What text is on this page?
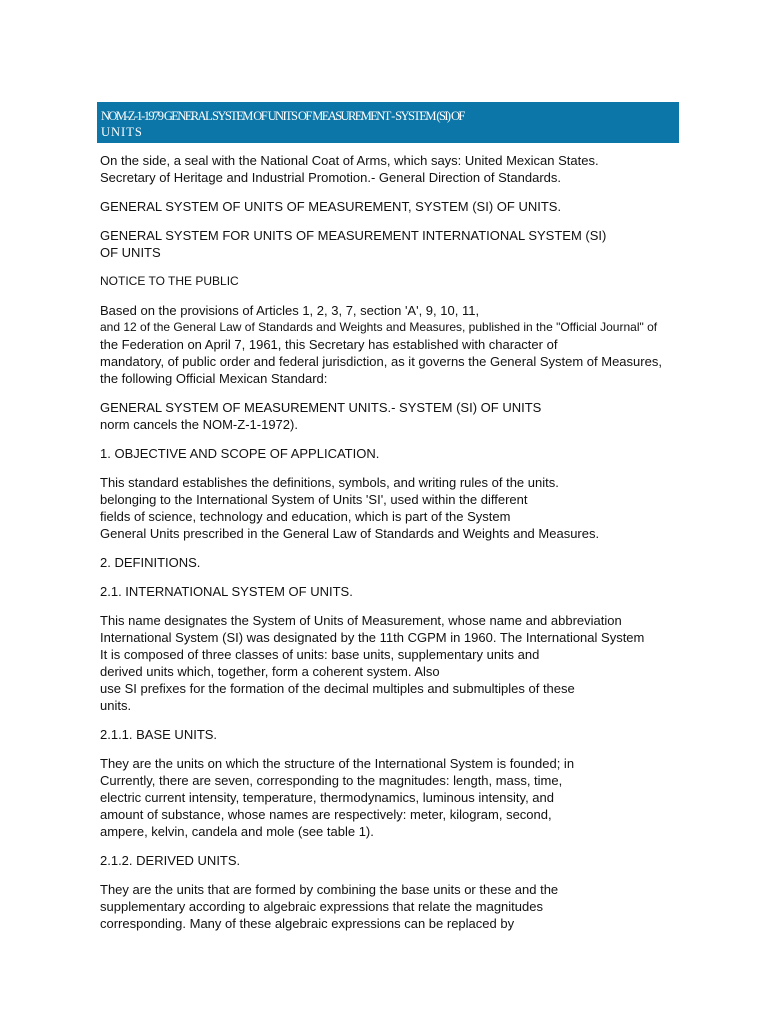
NOM-Z-1-1979 GENERAL SYSTEM OF UNITS OF MEASUREMENT - SYSTEM (SI) OF

UNITS

On the side, a seal with the National Coat of Arms, which says: United Mexican States.

Secretary of Heritage and Industrial Promotion.- General Direction of Standards.

GENERAL SYSTEM OF UNITS OF MEASUREMENT, SYSTEM (SI) OF UNITS.

GENERAL SYSTEM FOR UNITS OF MEASUREMENT INTERNATIONAL SYSTEM (SI)

OF UNITS

NOTICE TO THE PUBLIC

Based on the provisions of Articles 1, 2, 3, 7, section 'A', 9, 10, 11,

and 12 of the General Law of Standards and Weights and Measures, published in the "Official Journal" of

the Federation on April 7, 1961, this Secretary has established with character of

mandatory, of public order and federal jurisdiction, as it governs the General System of Measures,

the following Official Mexican Standard:

GENERAL SYSTEM OF MEASUREMENT UNITS.- SYSTEM (SI) OF UNITS

norm cancels the NOM-Z-1-1972).

1. OBJECTIVE AND SCOPE OF APPLICATION.

This standard establishes the definitions, symbols, and writing rules of the units.

belonging to the International System of Units 'SI', used within the different

fields of science, technology and education, which is part of the System

General Units prescribed in the General Law of Standards and Weights and Measures.

2. DEFINITIONS.

2.1. INTERNATIONAL SYSTEM OF UNITS.

This name designates the System of Units of Measurement, whose name and abbreviation

International System (SI) was designated by the 11th CGPM in 1960. The International System

It is composed of three classes of units: base units, supplementary units and

derived units which, together, form a coherent system. Also

use SI prefixes for the formation of the decimal multiples and submultiples of these

units.

2.1.1. BASE UNITS.

They are the units on which the structure of the International System is founded; in

Currently, there are seven, corresponding to the magnitudes: length, mass, time,

electric current intensity, temperature, thermodynamics, luminous intensity, and

amount of substance, whose names are respectively: meter, kilogram, second,

ampere, kelvin, candela and mole (see table 1).

2.1.2. DERIVED UNITS.

They are the units that are formed by combining the base units or these and the

supplementary according to algebraic expressions that relate the magnitudes

corresponding. Many of these algebraic expressions can be replaced by
